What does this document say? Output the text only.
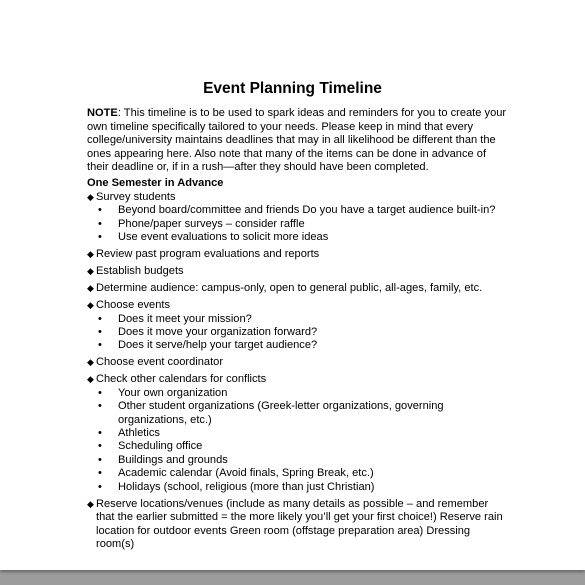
Event Planning Timeline

NOTE: This timeline is to be used to spark ideas and reminders for you to create your own timeline specifically tailored to your needs. Please keep in mind that every college/university maintains deadlines that may in all likelihood be different than the ones appearing here. Also note that many of the items can be done in advance of their deadline or, if in a rush—after they should have been completed.

One Semester in Advance

◆ Survey students
•	Beyond board/committee and friends Do you have a target audience built-in?
•	Phone/paper surveys – consider raffle
•	Use event evaluations to solicit more ideas
◆ Review past program evaluations and reports
◆ Establish budgets
◆ Determine audience: campus-only, open to general public, all-ages, family, etc.
◆ Choose events
•	Does it meet your mission?
•	Does it move your organization forward?
•	Does it serve/help your target audience?
◆ Choose event coordinator
◆ Check other calendars for conflicts
•	Your own organization
•	Other student organizations (Greek-letter organizations, governing organizations, etc.)
•	Athletics
•	Scheduling office
•	Buildings and grounds
•	Academic calendar (Avoid finals, Spring Break, etc.)
•	Holidays (school, religious (more than just Christian)
◆ Reserve locations/venues (include as many details as possible – and remember that the earlier submitted = the more likely you’ll get your first choice!) Reserve rain location for outdoor events Green room (offstage preparation area) Dressing room(s)
